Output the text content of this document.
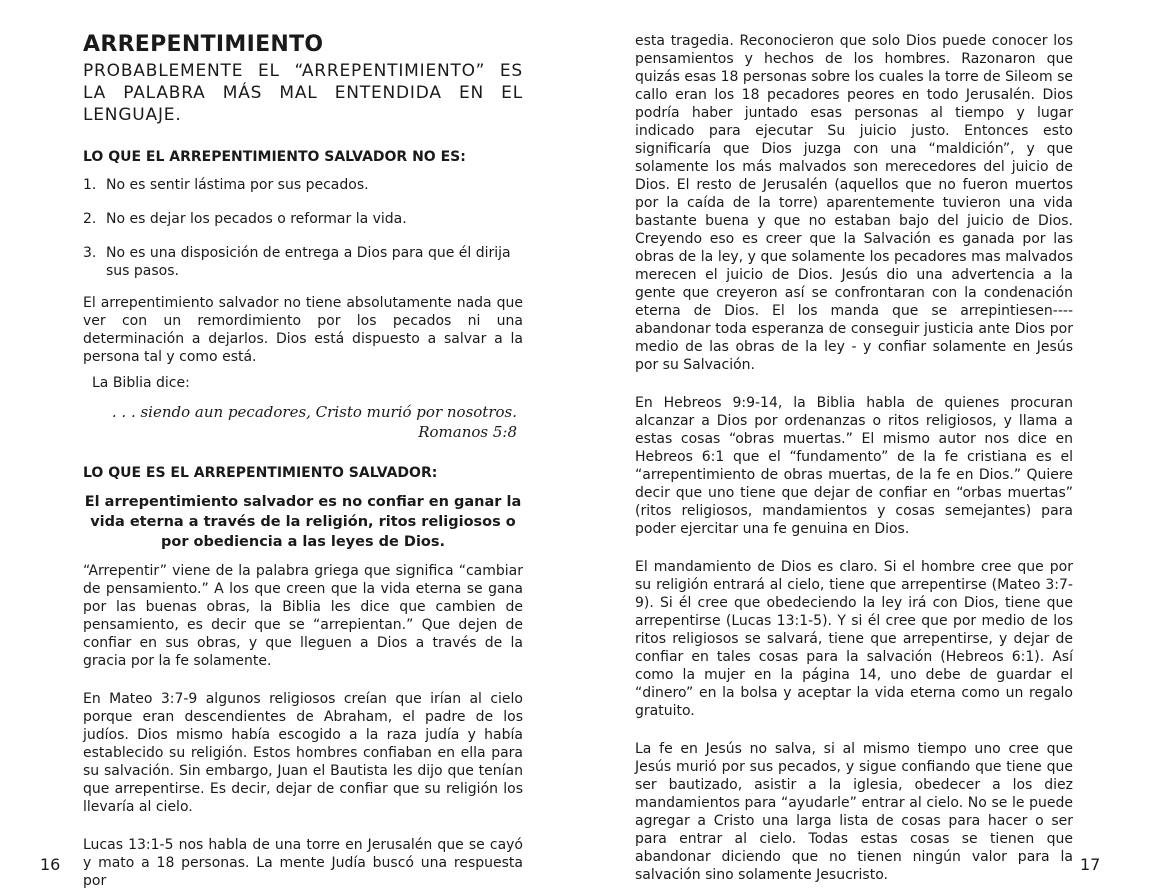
ARREPENTIMIENTO
PROBABLEMENTE EL “ARREPENTIMIENTO” ES LA PALABRA MÁS MAL ENTENDIDA EN EL LENGUAJE.
LO QUE EL ARREPENTIMIENTO SALVADOR NO ES:
1. No es sentir lástima por sus pecados.
2. No es dejar los pecados o reformar la vida.
3. No es una disposición de entrega a Dios para que él dirija sus pasos.

El arrepentimiento salvador no tiene absolutamente nada que ver con un remordimiento por los pecados ni una determinación a dejarlos. Dios está dispuesto a salvar a la persona tal y como está.

La Biblia dice:

. . . siendo aun pecadores, Cristo murió por nosotros.
Romanos 5:8
LO QUE ES EL ARREPENTIMIENTO SALVADOR:
El arrepentimiento salvador es no confiar en ganar la vida eterna a través de la religión, ritos religiosos o por obediencia a las leyes de Dios.

“Arrepentir” viene de la palabra griega que significa “cambiar de pensamiento.” A los que creen que la vida eterna se gana por las buenas obras, la Biblia les dice que cambien de pensamiento, es decir que se “arrepientan.” Que dejen de confiar en sus obras, y que lleguen a Dios a través de la gracia por la fe solamente.

En Mateo 3:7-9 algunos religiosos creían que irían al cielo porque eran descendientes de Abraham, el padre de los judíos. Dios mismo había escogido a la raza judía y había establecido su religión. Estos hombres confiaban en ella para su salvación. Sin embargo, Juan el Bautista les dijo que tenían que arrepentirse. Es decir, dejar de confiar que su religión los llevaría al cielo.

Lucas 13:1-5 nos habla de una torre en Jerusalén que se cayó y mato a 18 personas. La mente Judía buscó una respuesta por

esta tragedia. Reconocieron que solo Dios puede conocer los pensamientos y hechos de los hombres. Razonaron que quizás esas 18 personas sobre los cuales la torre de Sileom se callo eran los 18 pecadores peores en todo Jerusalén. Dios podría haber juntado esas personas al tiempo y lugar indicado para ejecutar Su juicio justo. Entonces esto significaría que Dios juzga con una “maldición”, y que solamente los más malvados son merecedores del juicio de Dios. El resto de Jerusalén (aquellos que no fueron muertos por la caída de la torre) aparentemente tuvieron una vida bastante buena y que no estaban bajo del juicio de Dios. Creyendo eso es creer que la Salvación es ganada por las obras de la ley, y que solamente los pecadores mas malvados merecen el juicio de Dios. Jesús dio una advertencia a la gente que creyeron así se confrontaran con la condenación eterna de Dios. El los manda que se arrepintiesen---- abandonar toda esperanza de conseguir justicia ante Dios por medio de las obras de la ley - y confiar solamente en Jesús por su Salvación.

En Hebreos 9:9-14, la Biblia habla de quienes procuran alcanzar a Dios por ordenanzas o ritos religiosos, y llama a estas cosas “obras muertas.” El mismo autor nos dice en Hebreos 6:1 que el “fundamento” de la fe cristiana es el “arrepentimiento de obras muertas, de la fe en Dios.” Quiere decir que uno tiene que dejar de confiar en “orbas muertas” (ritos religiosos, mandamientos y cosas semejantes) para poder ejercitar una fe genuina en Dios.

El mandamiento de Dios es claro. Si el hombre cree que por su religión entrará al cielo, tiene que arrepentirse (Mateo 3:7-9). Si él cree que obedeciendo la ley irá con Dios, tiene que arrepentirse (Lucas 13:1-5). Y si él cree que por medio de los ritos religiosos se salvará, tiene que arrepentirse, y dejar de confiar en tales cosas para la salvación (Hebreos 6:1). Así como la mujer en la página 14, uno debe de guardar el “dinero” en la bolsa y aceptar la vida eterna como un regalo gratuito.

La fe en Jesús no salva, si al mismo tiempo uno cree que Jesús murió por sus pecados, y sigue confiando que tiene que ser bautizado, asistir a la iglesia, obedecer a los diez mandamientos para “ayudarle” entrar al cielo. No se le puede agregar a Cristo una larga lista de cosas para hacer o ser para entrar al cielo. Todas estas cosas se tienen que abandonar diciendo que no tienen ningún valor para la salvación sino solamente Jesucristo.

16	17
